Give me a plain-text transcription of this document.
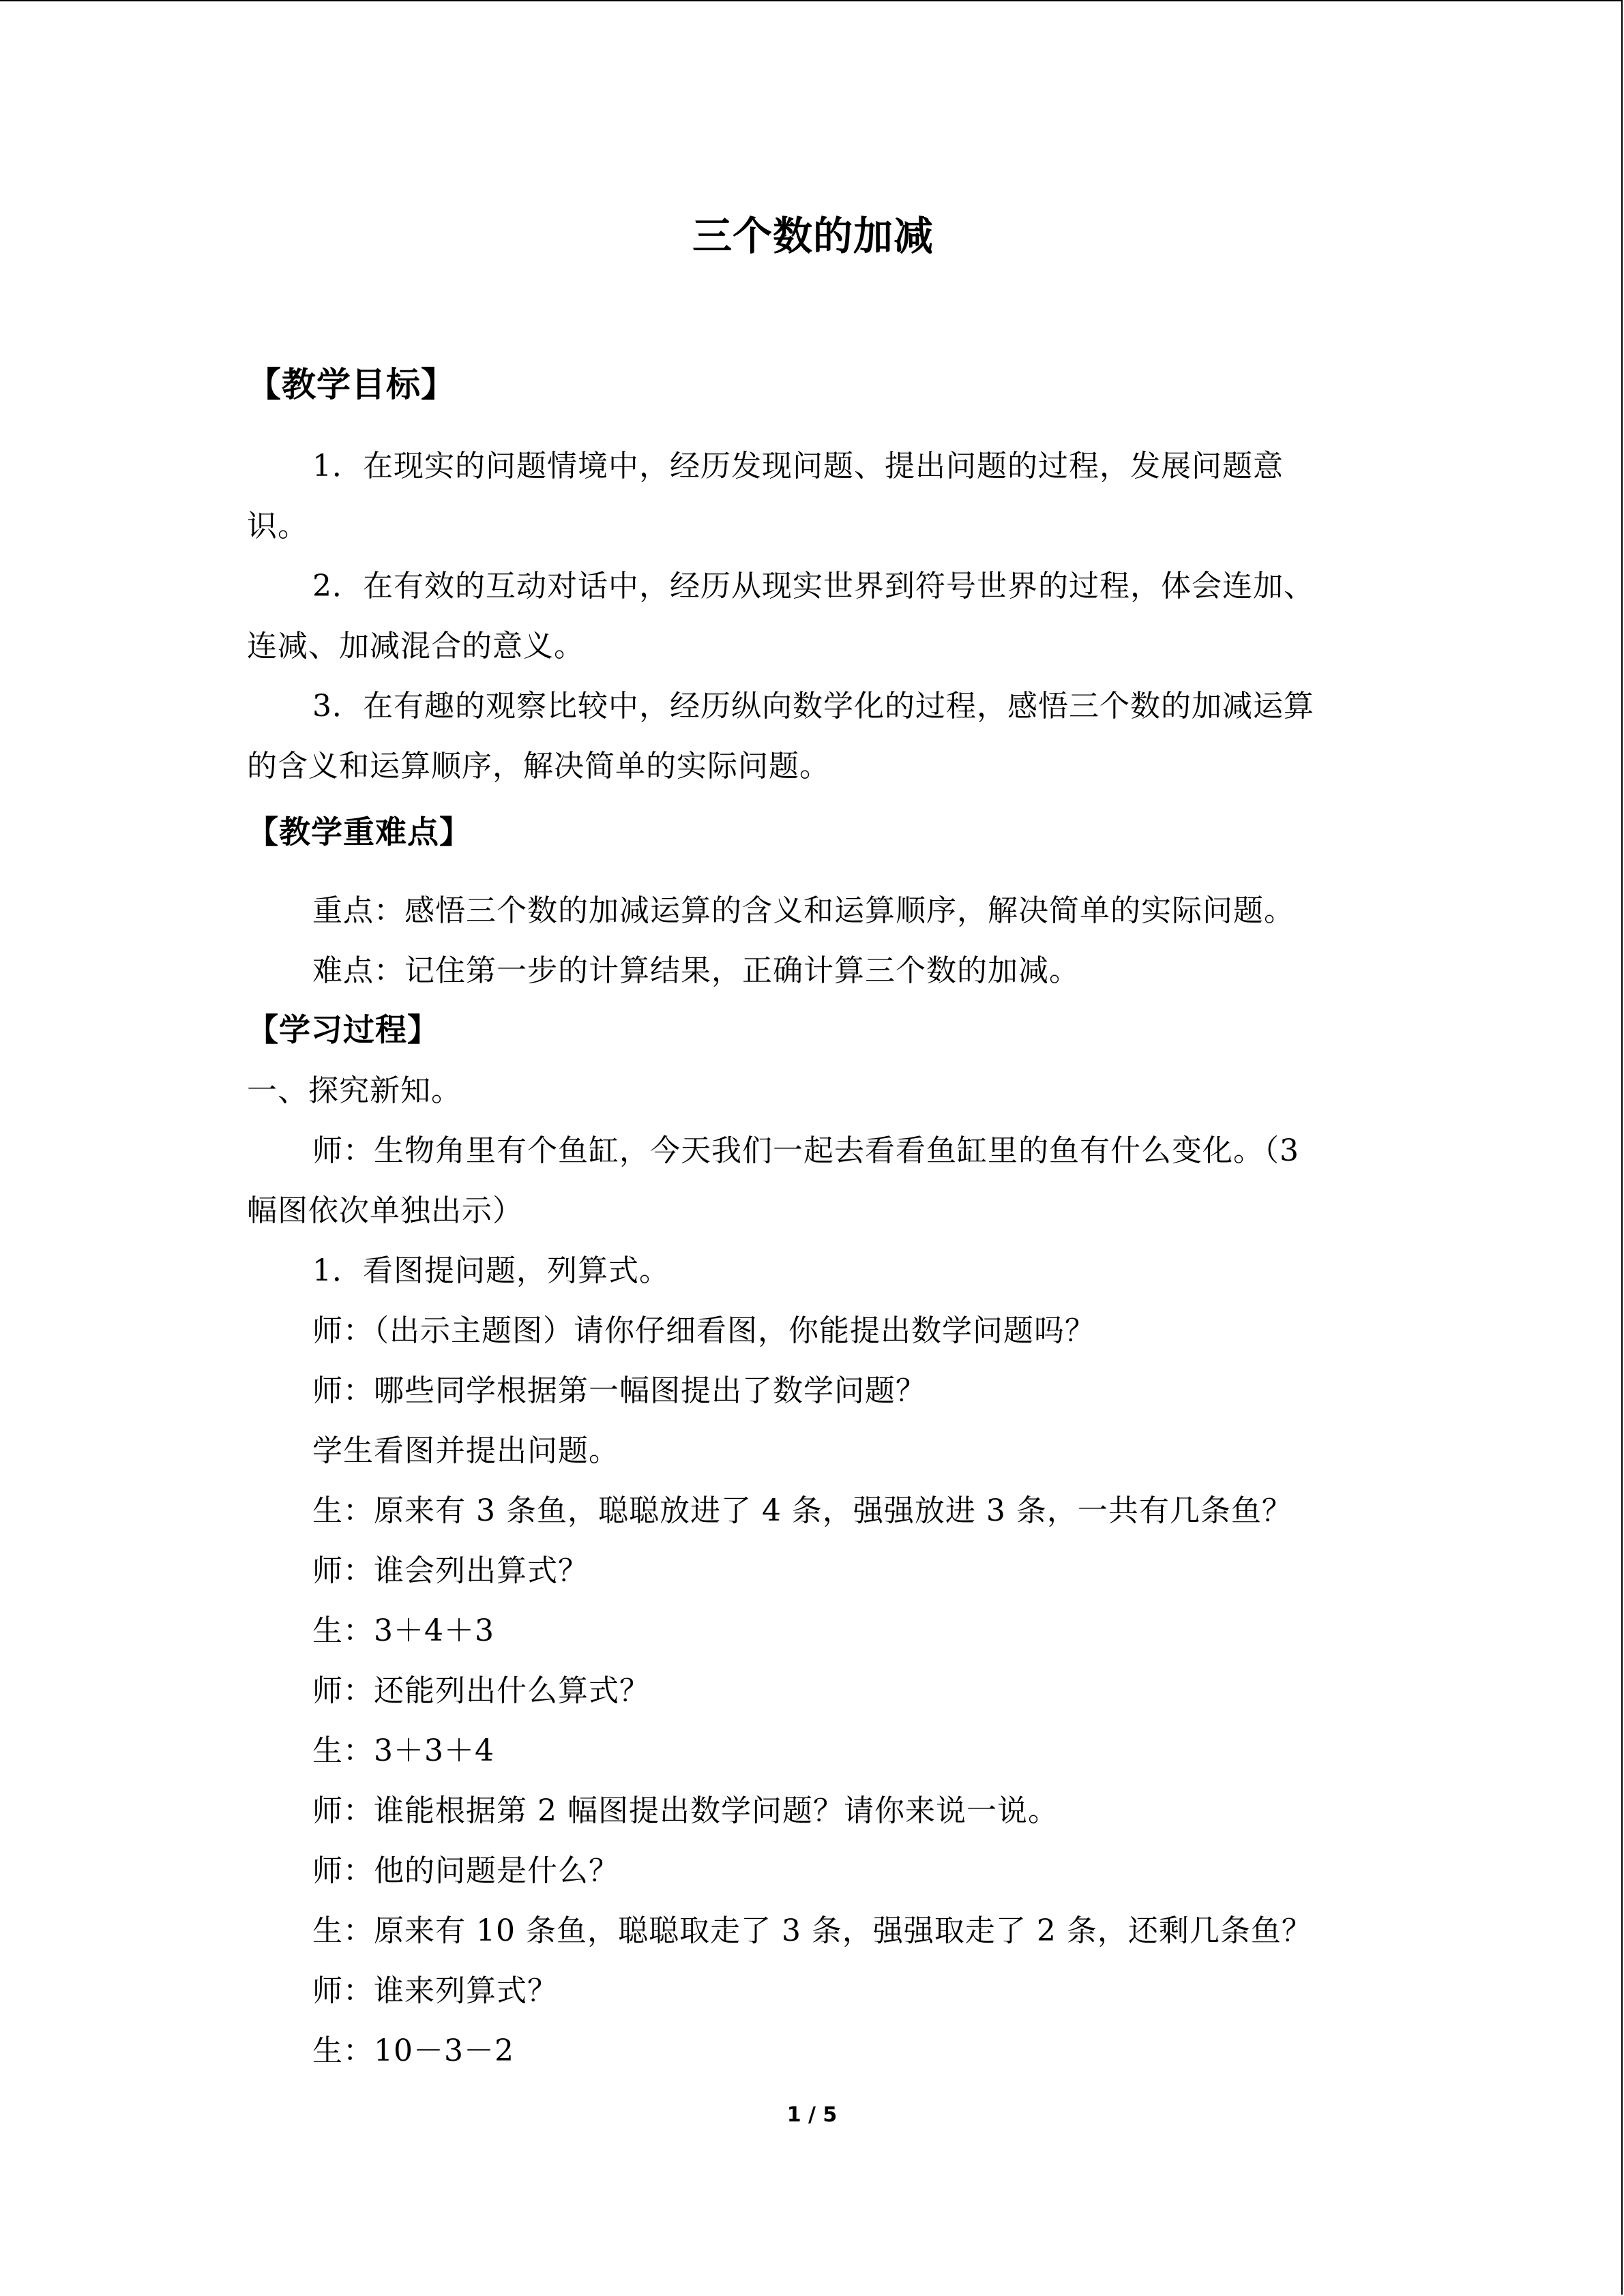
三个数的加减
【教学目标】
1．在现实的问题情境中，经历发现问题、提出问题的过程，发展问题意
识。
2．在有效的互动对话中，经历从现实世界到符号世界的过程，体会连加、
连减、加减混合的意义。
3．在有趣的观察比较中，经历纵向数学化的过程，感悟三个数的加减运算
的含义和运算顺序，解决简单的实际问题。
【教学重难点】
重点：感悟三个数的加减运算的含义和运算顺序，解决简单的实际问题。
难点：记住第一步的计算结果，正确计算三个数的加减。
【学习过程】
一、探究新知。
师：生物角里有个鱼缸，今天我们一起去看看鱼缸里的鱼有什么变化。（3
幅图依次单独出示）
1．看图提问题，列算式。
师：（出示主题图）请你仔细看图，你能提出数学问题吗？
师：哪些同学根据第一幅图提出了数学问题？
学生看图并提出问题。
生：原来有 3 条鱼，聪聪放进了 4 条，强强放进 3 条，一共有几条鱼？
师：谁会列出算式？
生：3＋4＋3
师：还能列出什么算式？
生：3＋3＋4
师：谁能根据第 2 幅图提出数学问题？请你来说一说。
师：他的问题是什么？
生：原来有 10 条鱼，聪聪取走了 3 条，强强取走了 2 条，还剩几条鱼？
师：谁来列算式？
生：10－3－2
1 / 5
